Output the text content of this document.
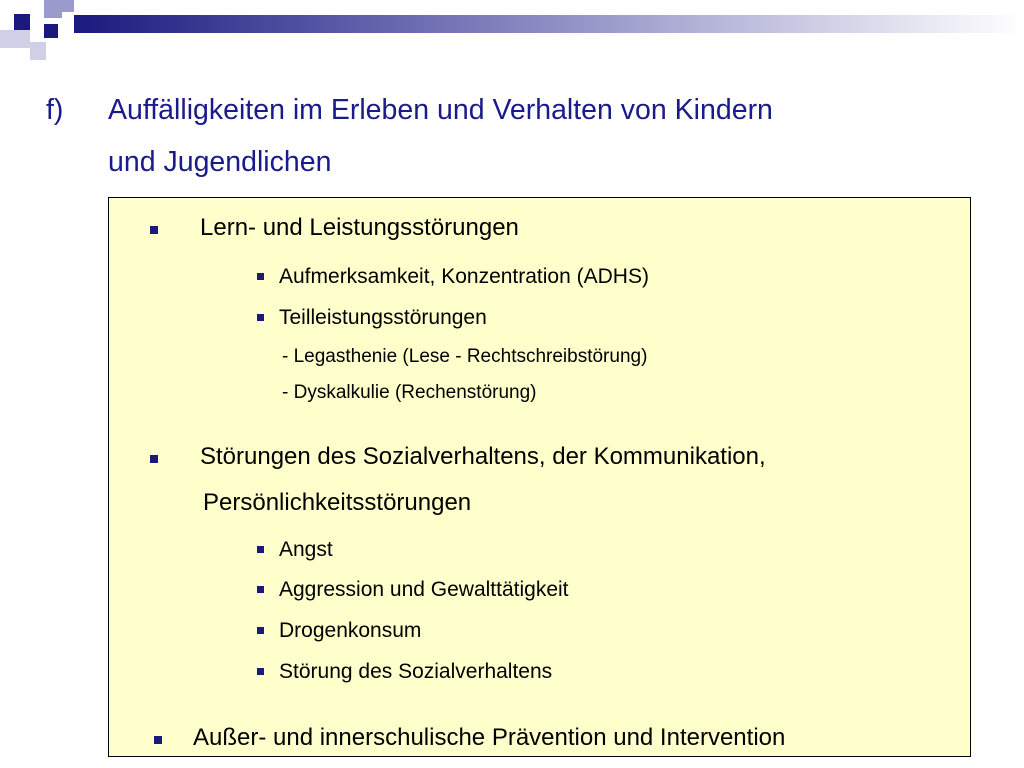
f) Auffälligkeiten im Erleben und Verhalten von Kindern
und Jugendlichen
Lern- und Leistungsstörungen
Aufmerksamkeit, Konzentration (ADHS)
Teilleistungsstörungen
- Legasthenie (Lese - Rechtschreibstörung)
- Dyskalkulie (Rechenstörung)
Störungen des Sozialverhaltens, der Kommunikation,
Persönlichkeitsstörungen
Angst
Aggression und Gewalttätigkeit
Drogenkonsum
Störung des Sozialverhaltens
Außer- und innerschulische Prävention und Intervention
